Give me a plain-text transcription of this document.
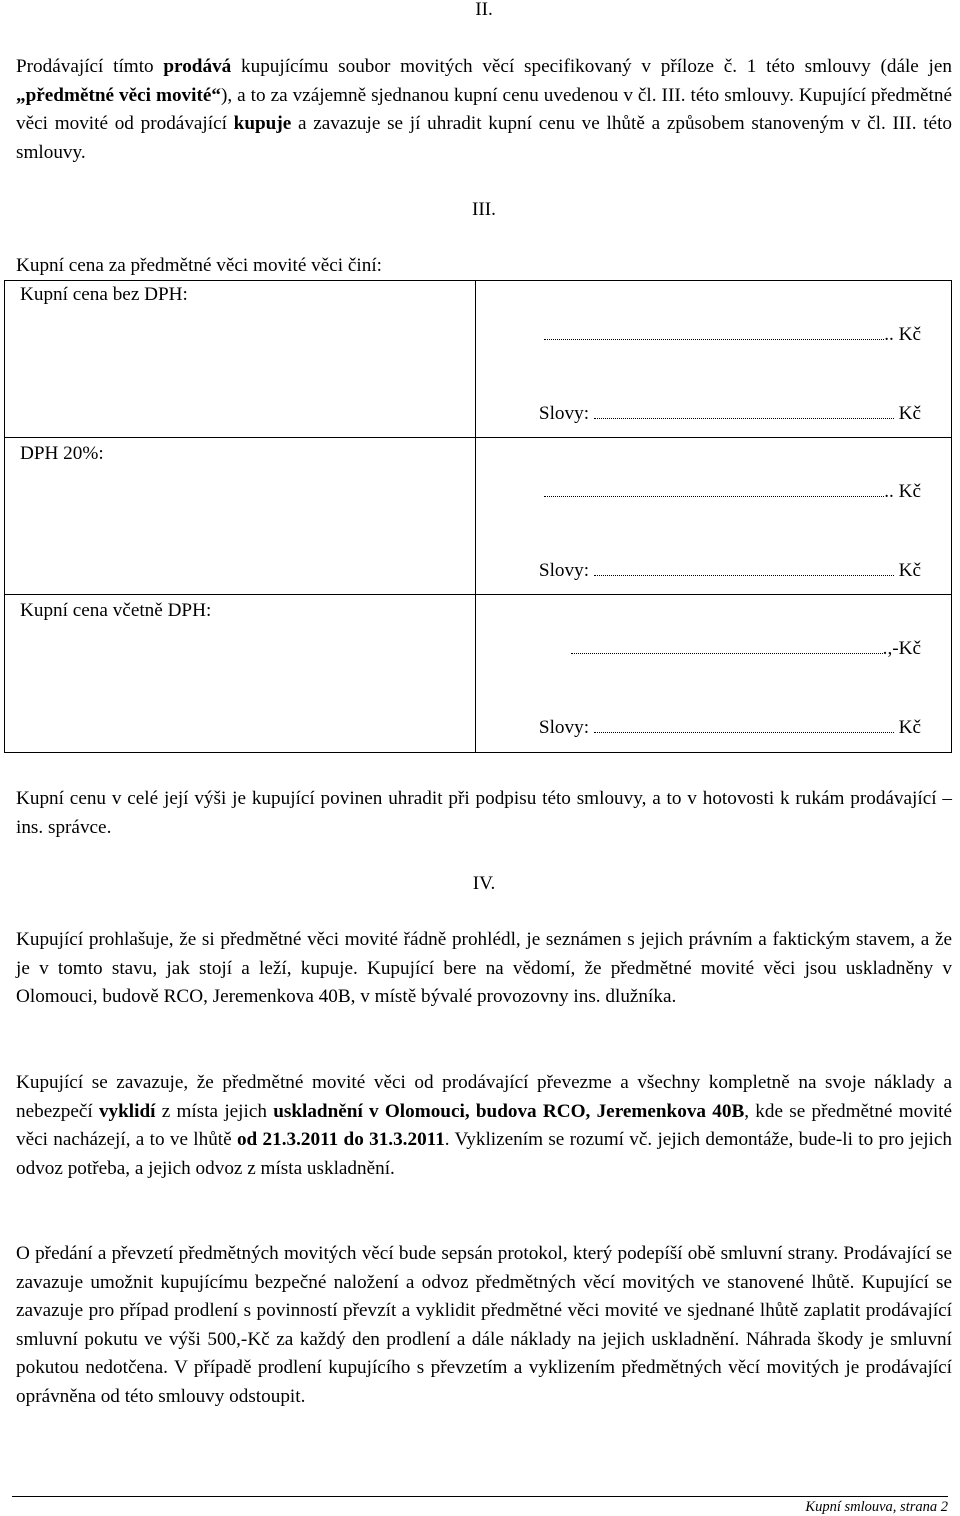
II.

Prodávající tímto prodává kupujícímu soubor movitých věcí specifikovaný v příloze č. 1 této smlouvy (dále jen „předmětné věci movité“), a to za vzájemně sjednanou kupní cenu uvedenou v čl. III. této smlouvy. Kupující předmětné věci movité od prodávající kupuje a zavazuje se jí uhradit kupní cenu ve lhůtě a způsobem stanoveným v čl. III. této smlouvy.

III.
Kupní cena za předmětné věci movité věci činí:
Kupní cena bez DPH:	.. Kč
Slovy: Kč

DPH 20%:	.. Kč
Slovy: Kč

Kupní cena včetně DPH:	.,-Kč
Slovy: Kč

Kupní cenu v celé její výši je kupující povinen uhradit při podpisu této smlouvy, a to v hotovosti k rukám prodávající – ins. správce.

IV.

Kupující prohlašuje, že si předmětné věci movité řádně prohlédl, je seznámen s jejich právním a faktickým stavem, a že je v tomto stavu, jak stojí a leží, kupuje. Kupující bere na vědomí, že předmětné movité věci jsou uskladněny v Olomouci, budově RCO, Jeremenkova 40B, v místě bývalé provozovny ins. dlužníka.

Kupující se zavazuje, že předmětné movité věci od prodávající převezme a všechny kompletně na svoje náklady a nebezpečí vyklidí z místa jejich uskladnění v Olomouci, budova RCO, Jeremenkova 40B, kde se předmětné movité věci nacházejí, a to ve lhůtě od 21.3.2011 do 31.3.2011. Vyklizením se rozumí vč. jejich demontáže, bude-li to pro jejich odvoz potřeba, a jejich odvoz z místa uskladnění.

O předání a převzetí předmětných movitých věcí bude sepsán protokol, který podepíší obě smluvní strany. Prodávající se zavazuje umožnit kupujícímu bezpečné naložení a odvoz předmětných věcí movitých ve stanovené lhůtě. Kupující se zavazuje pro případ prodlení s povinností převzít a vyklidit předmětné věci movité ve sjednané lhůtě zaplatit prodávající smluvní pokutu ve výši 500,-Kč za každý den prodlení a dále náklady na jejich uskladnění. Náhrada škody je smluvní pokutou nedotčena. V případě prodlení kupujícího s převzetím a vyklizením předmětných věcí movitých je prodávající oprávněna od této smlouvy odstoupit.

Kupní smlouva, strana 2
